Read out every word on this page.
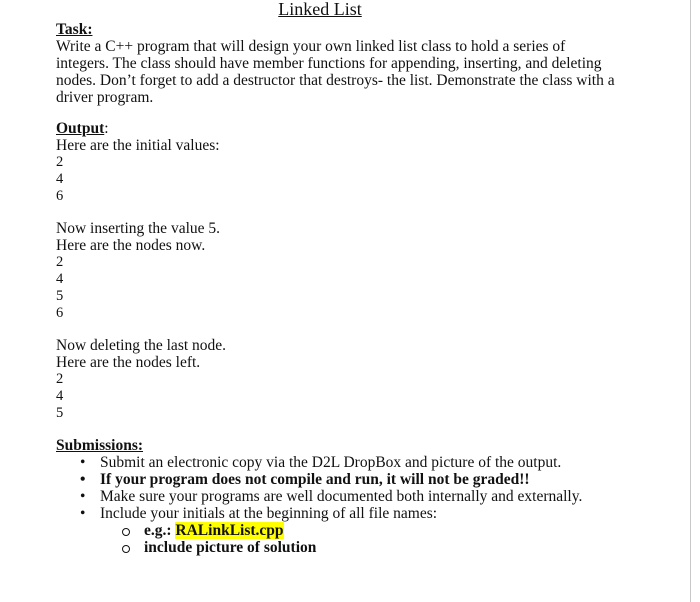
Linked List
Task:
Write a C++ program that will design your own linked list class to hold a series of integers. The class should have member functions for appending, inserting, and deleting nodes. Don’t forget to add a destructor that destroys- the list. Demonstrate the class with a driver program.
Output:
Here are the initial values:
2
4
6
Now inserting the value 5.
Here are the nodes now.
2
4
5
6
Now deleting the last node.
Here are the nodes left.
2
4
5
Submissions:
• Submit an electronic copy via the D2L DropBox and picture of the output.
• If your program does not compile and run, it will not be graded!!
• Make sure your programs are well documented both internally and externally.
• Include your initials at the beginning of all file names:
e.g.: RALinkList.cpp
include picture of solution
